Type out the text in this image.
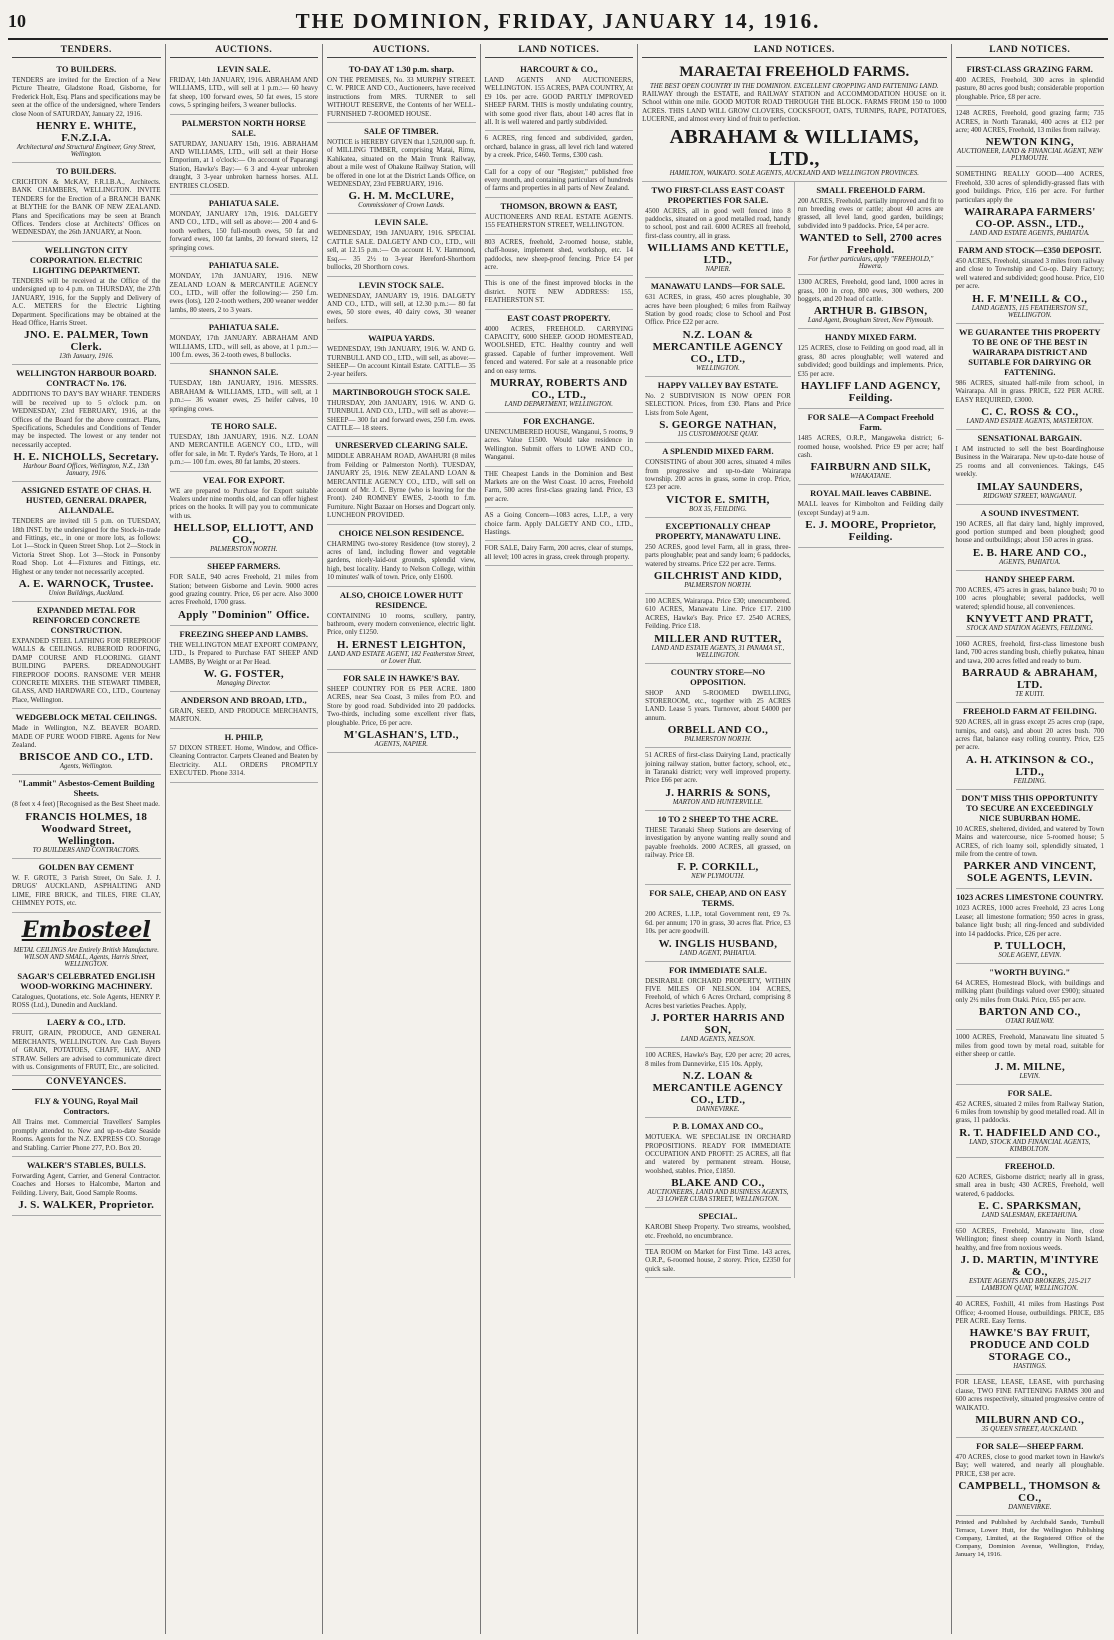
10	THE DOMINION, FRIDAY, JANUARY 14, 1916.
TENDERS.
TO BUILDERS.
TENDERS are invited for the Erection of a New Picture Theatre, Gladstone Road, Gisborne, for Frederick Holt, Esq. Plans and specifications may be seen at the office of the undersigned, where Tenders close Noon of SATURDAY, January 22, 1916.
HENRY E. WHITE, F.N.Z.I.A.
Architectural and Structural Engineer, Grey Street, Wellington.
TO BUILDERS.
CRICHTON & McKAY, F.R.I.B.A., Architects. BANK CHAMBERS, WELLINGTON. INVITE TENDERS for the Erection of a BRANCH BANK at BLYTHE for the BANK OF NEW ZEALAND. Plans and Specifications may be seen at Branch Offices. Tenders close at Architects' Offices on WEDNESDAY, the 26th JANUARY, at Noon.
WELLINGTON CITY CORPORATION. ELECTRIC LIGHTING DEPARTMENT.
TENDERS will be received at the Office of the undersigned up to 4 p.m. on THURSDAY, the 27th JANUARY, 1916, for the Supply and Delivery of A.C. METERS for the Electric Lighting Department. Specifications may be obtained at the Head Office, Harris Street.
JNO. E. PALMER, Town Clerk.
13th January, 1916.
WELLINGTON HARBOUR BOARD. CONTRACT No. 176.
ADDITIONS TO DAY'S BAY WHARF. TENDERS will be received up to 5 o'clock p.m. on WEDNESDAY, 23rd FEBRUARY, 1916, at the Offices of the Board for the above contract. Plans, Specifications, Schedules and Conditions of Tender may be inspected. The lowest or any tender not necessarily accepted.
H. E. NICHOLLS, Secretary.
Harbour Board Offices, Wellington, N.Z., 13th January, 1916.
ASSIGNED ESTATE OF CHAS. H. HUSTED, GENERAL DRAPER, ALLANDALE.
TENDERS are invited till 5 p.m. on TUESDAY, 18th INST. by the undersigned for the Stock-in-trade and Fittings, etc., in one or more lots, as follows: Lot 1—Stock in Queen Street Shop. Lot 2—Stock in Victoria Street Shop. Lot 3—Stock in Ponsonby Road Shop. Lot 4—Fixtures and Fittings, etc. Highest or any tender not necessarily accepted.
A. E. WARNOCK, Trustee.
Union Buildings, Auckland.
EXPANDED METAL FOR REINFORCED CONCRETE CONSTRUCTION.
EXPANDED STEEL LATHING FOR FIREPROOF WALLS & CEILINGS. RUBEROID ROOFING, DAMP COURSE AND FLOORING. GIANT BUILDING PAPERS. DREADNOUGHT FIREPROOF DOORS. RANSOME VER MEHR CONCRETE MIXERS. THE STEWART TIMBER, GLASS, AND HARDWARE CO., LTD., Courtenay Place, Wellington.
WEDGEBLOCK METAL CEILINGS.
Made in Wellington, N.Z. BEAVER BOARD. MADE OF PURE WOOD FIBRE. Agents for New Zealand.
BRISCOE AND CO., LTD.
Agents, Wellington.
"Lammit" Asbestos-Cement Building Sheets.
(8 feet x 4 feet) [Recognised as the Best Sheet made.
FRANCIS HOLMES, 18 Woodward Street, Wellington.
TO BUILDERS AND CONTRACTORS.
GOLDEN BAY CEMENT
W. F. GROTE, 3 Parish Street, On Sale. J. J. DRUGS' AUCKLAND, ASPHALTING AND LIME, FIRE BRICK, and TILES, FIRE CLAY, CHIMNEY POTS, etc.
Embosteel
METAL CEILINGS Are Entirely British Manufacture. WILSON AND SMALL, Agents, Harris Street, WELLINGTON.
SAGAR'S CELEBRATED ENGLISH WOOD-WORKING MACHINERY.
Catalogues, Quotations, etc. Sole Agents, HENRY P. ROSS (Ltd.), Dunedin and Auckland.
LAERY & CO., LTD.
FRUIT, GRAIN, PRODUCE, AND GENERAL MERCHANTS, WELLINGTON. Are Cash Buyers of GRAIN, POTATOES, CHAFF, HAY, AND STRAW. Sellers are advised to communicate direct with us. Consignments of FRUIT, Etc., are solicited.
CONVEYANCES.
FLY & YOUNG, Royal Mail Contractors.
All Trains met. Commercial Travellers' Samples promptly attended to. New and up-to-date Seaside Rooms. Agents for the N.Z. EXPRESS CO. Storage and Stabling. Carrier Phone 277, P.O. Box 20.
WALKER'S STABLES, BULLS.
Forwarding Agent, Carrier, and General Contractor. Coaches and Horses to Halcombe, Marton and Feilding. Livery, Bait, Good Sample Rooms.
J. S. WALKER, Proprietor.
AUCTIONS.
LEVIN SALE.
FRIDAY, 14th JANUARY, 1916. ABRAHAM AND WILLIAMS, LTD., will sell at 1 p.m.:— 60 heavy fat sheep, 100 forward ewes, 50 fat ewes, 15 store cows, 5 springing heifers, 3 weaner bullocks.
PALMERSTON NORTH HORSE SALE.
SATURDAY, JANUARY 15th, 1916. ABRAHAM AND WILLIAMS, LTD., will sell at their Horse Emporium, at 1 o'clock:— On account of Paparangi Station, Hawke's Bay:— 6 3 and 4-year unbroken draught, 3 3-year unbroken harness horses. ALL ENTRIES CLOSED.
PAHIATUA SALE.
MONDAY, JANUARY 17th, 1916. DALGETY AND CO., LTD., will sell as above:— 200 4 and 6-tooth wethers, 150 full-mouth ewes, 50 fat and forward ewes, 100 fat lambs, 20 forward steers, 12 springing cows.
PAHIATUA SALE.
MONDAY, 17th JANUARY, 1916. NEW ZEALAND LOAN & MERCANTILE AGENCY CO., LTD., will offer the following:— 250 f.m. ewes (lots), 120 2-tooth wethers, 200 weaner wedder lambs, 80 steers, 2 to 3 years.
PAHIATUA SALE.
MONDAY, 17th JANUARY. ABRAHAM AND WILLIAMS, LTD., will sell, as above, at 1 p.m.:— 100 f.m. ewes, 36 2-tooth ewes, 8 bullocks.
SHANNON SALE.
TUESDAY, 18th JANUARY, 1916. MESSRS. ABRAHAM & WILLIAMS, LTD., will sell, at 1 p.m.:— 36 weaner ewes, 25 heifer calves, 10 springing cows.
TE HORO SALE.
TUESDAY, 18th JANUARY, 1916. N.Z. LOAN AND MERCANTILE AGENCY CO., LTD., will offer for sale, in Mr. T. Ryder's Yards, Te Horo, at 1 p.m.:— 100 f.m. ewes, 80 fat lambs, 20 steers.
VEAL FOR EXPORT.
WE are prepared to Purchase for Export suitable Vealers under nine months old, and can offer highest prices on the hooks. It will pay you to communicate with us.
HELLSOP, ELLIOTT, AND CO.,
PALMERSTON NORTH.
SHEEP FARMERS.
FOR SALE, 940 acres Freehold, 21 miles from Station; between Gisborne and Levin. 9000 acres good grazing country. Price, £6 per acre. Also 3000 acres Freehold, 1700 grass.
Apply "Dominion" Office.
FREEZING SHEEP AND LAMBS.
THE WELLINGTON MEAT EXPORT COMPANY, LTD., Is Prepared to Purchase FAT SHEEP AND LAMBS, By Weight or at Per Head.
W. G. FOSTER,
Managing Director.
ANDERSON AND BROAD, LTD.,
GRAIN, SEED, AND PRODUCE MERCHANTS, MARTON.
H. PHILP,
57 DIXON STREET. Home, Window, and Office-Cleaning Contractor. Carpets Cleaned and Beaten by Electricity. ALL ORDERS PROMPTLY EXECUTED. Phone 3314.
AUCTIONS.
TO-DAY AT 1.30 p.m. sharp.
ON THE PREMISES, No. 33 MURPHY STREET. C. W. PRICE AND CO., Auctioneers, have received instructions from MRS. TURNER to sell WITHOUT RESERVE, the Contents of her WELL-FURNISHED 7-ROOMED HOUSE.
SALE OF TIMBER.
NOTICE is HEREBY GIVEN that 1,520,000 sup. ft. of MILLING TIMBER, comprising Matai, Rimu, Kahikatea, situated on the Main Trunk Railway, about a mile west of Ohakune Railway Station, will be offered in one lot at the District Lands Office, on WEDNESDAY, 23rd FEBRUARY, 1916.
G. H. M. McCLURE,
Commissioner of Crown Lands.
LEVIN SALE.
WEDNESDAY, 19th JANUARY, 1916. SPECIAL CATTLE SALE. DALGETY AND CO., LTD., will sell, at 12.15 p.m.:— On account H. V. Hammond, Esq.— 35 2½ to 3-year Hereford-Shorthorn bullocks, 20 Shorthorn cows.
LEVIN STOCK SALE.
WEDNESDAY, JANUARY 19, 1916. DALGETY AND CO., LTD., will sell, at 12.30 p.m.:— 80 fat ewes, 50 store ewes, 40 dairy cows, 30 weaner heifers.
WAIPUA YARDS.
WEDNESDAY, 19th JANUARY, 1916. W. AND G. TURNBULL AND CO., LTD., will sell, as above:— SHEEP— On account Kintail Estate. CATTLE— 35 2-year heifers.
MARTINBOROUGH STOCK SALE.
THURSDAY, 20th JANUARY, 1916. W. AND G. TURNBULL AND CO., LTD., will sell as above:— SHEEP— 300 fat and forward ewes, 250 f.m. ewes. CATTLE— 18 steers.
UNRESERVED CLEARING SALE.
MIDDLE ABRAHAM ROAD, AWAHURI (8 miles from Feilding or Palmerston North). TUESDAY, JANUARY 25, 1916. NEW ZEALAND LOAN & MERCANTILE AGENCY CO., LTD., will sell on account of Mr. J. C. Byrne (who is leaving for the Front). 240 ROMNEY EWES, 2-tooth to f.m. Furniture. Night Bazaar on Horses and Dogcart only. LUNCHEON PROVIDED.
CHOICE NELSON RESIDENCE.
CHARMING two-storey Residence (tow storey), 2 acres of land, including flower and vegetable gardens, nicely-laid-out grounds, splendid view, high, best locality. Handy to Nelson College, within 10 minutes' walk of town. Price, only £1600.
ALSO, CHOICE LOWER HUTT RESIDENCE.
CONTAINING 10 rooms, scullery, pantry, bathroom, every modern convenience, electric light. Price, only £1250.
H. ERNEST LEIGHTON,
LAND AND ESTATE AGENT, 182 Featherston Street, or Lower Hutt.
FOR SALE IN HAWKE'S BAY.
SHEEP COUNTRY FOR £6 PER ACRE. 1800 ACRES, near Sea Coast, 3 miles from P.O. and Store by good road. Subdivided into 20 paddocks. Two-thirds, including some excellent river flats, ploughable. Price, £6 per acre.
M'GLASHAN'S, LTD.,
AGENTS, NAPIER.
LAND NOTICES.
HARCOURT & CO.,
LAND AGENTS AND AUCTIONEERS, WELLINGTON. 155 ACRES, PAPA COUNTRY, At £9 10s. per acre. GOOD PARTLY IMPROVED SHEEP FARM. THIS is mostly undulating country, with some good river flats, about 140 acres flat in all. It is well watered and partly subdivided.
6 ACRES, ring fenced and subdivided, garden, orchard, balance in grass, all level rich land watered by a creek. Price, £460. Terms, £300 cash.
Call for a copy of our "Register," published free every month, and containing particulars of hundreds of farms and properties in all parts of New Zealand.
THOMSON, BROWN & EAST,
AUCTIONEERS AND REAL ESTATE AGENTS. 155 FEATHERSTON STREET, WELLINGTON.
803 ACRES, freehold, 2-roomed house, stable, chaff-house, implement shed, workshop, etc. 14 paddocks, new sheep-proof fencing. Price £4 per acre.
This is one of the finest improved blocks in the district. NOTE NEW ADDRESS: 155, FEATHERSTON ST.
EAST COAST PROPERTY.
4000 ACRES, FREEHOLD. CARRYING CAPACITY, 6000 SHEEP. GOOD HOMESTEAD, WOOLSHED, ETC. Healthy country and well grassed. Capable of further improvement. Well fenced and watered. For sale at a reasonable price and on easy terms.
MURRAY, ROBERTS AND CO., LTD.,
LAND DEPARTMENT, WELLINGTON.
FOR EXCHANGE.
UNENCUMBERED HOUSE, Wanganui, 5 rooms, 9 acres. Value £1500. Would take residence in Wellington. Submit offers to LOWE AND CO., Wanganui.
THE Cheapest Lands in the Dominion and Best Markets are on the West Coast. 10 acres, Freehold Farm, 500 acres first-class grazing land. Price, £3 per acre.
AS a Going Concern—1083 acres, L.I.P., a very choice farm. Apply DALGETY AND CO., LTD., Hastings.
FOR SALE, Dairy Farm, 200 acres, clear of stumps, all level; 100 acres in grass, creek through property.
LAND NOTICES.
MARAETAI FREEHOLD FARMS.
THE BEST OPEN COUNTRY IN THE DOMINION. EXCELLENT CROPPING AND FATTENING LAND.
RAILWAY through the ESTATE, and RAILWAY STATION and ACCOMMODATION HOUSE on it. School within one mile. GOOD MOTOR ROAD THROUGH THE BLOCK. FARMS FROM 150 to 1000 ACRES. THIS LAND WILL GROW CLOVERS, COCKSFOOT, OATS, TURNIPS, RAPE, POTATOES, LUCERNE, and almost every kind of fruit to perfection.
ABRAHAM & WILLIAMS, LTD.,
HAMILTON, WAIKATO. SOLE AGENTS, AUCKLAND AND WELLINGTON PROVINCES.
TWO FIRST-CLASS EAST COAST PROPERTIES FOR SALE.
4500 ACRES, all in good well fenced into 8 paddocks, situated on a good metalled road, handy to school, post and rail. 6000 ACRES all freehold, first-class country, all in grass.
WILLIAMS AND KETTLE, LTD.,
NAPIER.
MANAWATU LANDS—FOR SALE.
631 ACRES, in grass, 450 acres ploughable, 30 acres have been ploughed; 6 miles from Railway Station by good roads; close to School and Post Office. Price £22 per acre.
N.Z. LOAN & MERCANTILE AGENCY CO., LTD.,
WELLINGTON.
HAPPY VALLEY BAY ESTATE.
No. 2 SUBDIVISION IS NOW OPEN FOR SELECTION. Prices, from £30. Plans and Price Lists from Sole Agent,
S. GEORGE NATHAN,
115 CUSTOMHOUSE QUAY.
A SPLENDID MIXED FARM.
CONSISTING of about 300 acres, situated 4 miles from progressive and up-to-date Wairarapa township. 200 acres in grass, some in crop. Price, £23 per acre.
VICTOR E. SMITH,
BOX 35, FEILDING.
EXCEPTIONALLY CHEAP PROPERTY, MANAWATU LINE.
250 ACRES, good level Farm, all in grass, three-parts ploughable; peat and sandy loam; 6 paddocks, watered by streams. Price £22 per acre. Terms.
GILCHRIST AND KIDD,
PALMERSTON NORTH.
100 ACRES, Wairarapa. Price £30; unencumbered. 610 ACRES, Manawatu Line. Price £17. 2100 ACRES, Hawke's Bay. Price £7. 2540 ACRES, Feilding. Price £18.
MILLER AND RUTTER,
LAND AND ESTATE AGENTS, 31 PANAMA ST., WELLINGTON.
COUNTRY STORE—NO OPPOSITION.
SHOP AND 5-ROOMED DWELLING, STOREROOM, etc., together with 25 ACRES LAND. Lease 5 years. Turnover, about £4000 per annum.
ORBELL AND CO.,
PALMERSTON NORTH.
51 ACRES of first-class Dairying Land, practically joining railway station, butter factory, school, etc., in Taranaki district; very well improved property. Price £66 per acre.
J. HARRIS & SONS,
MARTON AND HUNTERVILLE.
10 TO 2 SHEEP TO THE ACRE.
THESE Taranaki Sheep Stations are deserving of investigation by anyone wanting really sound and payable freeholds. 2000 ACRES, all grassed, on railway. Price £8.
F. P. CORKILL,
NEW PLYMOUTH.
FOR SALE, CHEAP, AND ON EASY TERMS.
200 ACRES, L.I.P., total Government rent, £9 7s. 6d. per annum; 170 in grass, 30 acres flat. Price, £3 10s. per acre goodwill.
W. INGLIS HUSBAND,
LAND AGENT, PAHIATUA.
FOR IMMEDIATE SALE.
DESIRABLE ORCHARD PROPERTY, WITHIN FIVE MILES OF NELSON. 104 ACRES, Freehold, of which 6 Acres Orchard, comprising 8 Acres best varieties Peaches. Apply,
J. PORTER HARRIS AND SON,
LAND AGENTS, NELSON.
100 ACRES, Hawke's Bay, £20 per acre; 20 acres, 8 miles from Dannevirke, £15 10s. Apply,
N.Z. LOAN & MERCANTILE AGENCY CO., LTD.,
DANNEVIRKE.
P. B. LOMAX AND CO.,
MOTUEKA. WE SPECIALISE IN ORCHARD PROPOSITIONS. READY FOR IMMEDIATE OCCUPATION AND PROFIT: 25 ACRES, all flat and watered by permanent stream. House, woolshed, stables. Price, £1850.
BLAKE AND CO.,
AUCTIONEERS, LAND AND BUSINESS AGENTS, 23 LOWER CUBA STREET, WELLINGTON.
SPECIAL.
KAROBI Sheep Property. Two streams, woolshed, etc. Freehold, no encumbrance.
TEA ROOM on Market for First Time. 143 acres, O.R.P., 6-roomed house, 2 storey. Price, £2350 for quick sale.
SMALL FREEHOLD FARM.
200 ACRES, Freehold, partially improved and fit to run breeding ewes or cattle; about 40 acres are grassed, all level land, good garden, buildings; subdivided into 9 paddocks. Price, £4 per acre.
WANTED to Sell, 2700 acres Freehold.
For further particulars, apply "FREEHOLD," Hawera.
1300 ACRES, Freehold, good land, 1000 acres in grass, 100 in crop, 800 ewes, 300 wethers, 200 hoggets, and 20 head of cattle.
ARTHUR B. GIBSON,
Land Agent, Brougham Street, New Plymouth.
HANDY MIXED FARM.
125 ACRES, close to Feilding on good road, all in grass, 80 acres ploughable; well watered and subdivided; good buildings and implements. Price, £35 per acre.
HAYLIFF LAND AGENCY, Feilding.
FOR SALE—A Compact Freehold Farm.
1485 ACRES, O.R.P., Mangaweka district; 6-roomed house, woolshed. Price £9 per acre; half cash.
FAIRBURN AND SILK,
WHAKATANE.
ROYAL MAIL leaves CABBINE.
MALL leaves for Kimbolton and Feilding daily (except Sunday) at 9 a.m.
E. J. MOORE, Proprietor, Feilding.
LAND NOTICES.
FIRST-CLASS GRAZING FARM.
400 ACRES, Freehold, 300 acres in splendid pasture, 80 acres good bush; considerable proportion ploughable. Price, £8 per acre.
1248 ACRES, Freehold, good grazing farm; 735 ACRES, in North Taranaki, 400 acres at £12 per acre; 400 ACRES, Freehold, 13 miles from railway.
NEWTON KING,
AUCTIONEER, LAND & FINANCIAL AGENT, NEW PLYMOUTH.
SOMETHING REALLY GOOD—400 ACRES, Freehold, 330 acres of splendidly-grassed flats with good buildings. Price, £16 per acre. For further particulars apply the
WAIRARAPA FARMERS' CO-OP. ASSN., LTD.,
LAND AND ESTATE AGENTS, PAHIATUA.
FARM AND STOCK—£350 DEPOSIT.
450 ACRES, Freehold, situated 3 miles from railway and close to Township and Co-op. Dairy Factory; well watered and subdivided; good house. Price, £10 per acre.
H. F. M'NEILL & CO.,
LAND AGENTS, 115 FEATHERSTON ST., WELLINGTON.
WE GUARANTEE THIS PROPERTY TO BE ONE OF THE BEST IN WAIRARAPA DISTRICT AND SUITABLE FOR DAIRYING OR FATTENING.
986 ACRES, situated half-mile from school, in Wairarapa. All in grass. PRICE, £22 PER ACRE. EASY REQUIRED, £3000.
C. C. ROSS & CO.,
LAND AND ESTATE AGENTS, MASTERTON.
SENSATIONAL BARGAIN.
I AM instructed to sell the best Boardinghouse Business in the Wairarapa. New up-to-date house of 25 rooms and all conveniences. Takings, £45 weekly.
IMLAY SAUNDERS,
RIDGWAY STREET, WANGANUI.
A SOUND INVESTMENT.
190 ACRES, all flat dairy land, highly improved, good portion stumped and been ploughed; good house and outbuildings; about 150 acres in grass.
E. B. HARE AND CO.,
AGENTS, PAHIATUA.
HANDY SHEEP FARM.
700 ACRES, 475 acres in grass, balance bush; 70 to 100 acres ploughable; several paddocks, well watered; splendid house, all conveniences.
KNYVETT AND PRATT,
STOCK AND STATION AGENTS, FEILDING.
1060 ACRES, freehold, first-class limestone bush land, 700 acres standing bush, chiefly pukatea, hinau and tawa, 200 acres felled and ready to burn.
BARRAUD & ABRAHAM, LTD.
TE KUITI.
FREEHOLD FARM AT FEILDING.
920 ACRES, all in grass except 25 acres crop (rape, turnips, and oats), and about 20 acres bush. 700 acres flat, balance easy rolling country. Price, £25 per acre.
A. H. ATKINSON & CO., LTD.,
FEILDING.
DON'T MISS THIS OPPORTUNITY TO SECURE AN EXCEEDINGLY NICE SUBURBAN HOME.
10 ACRES, sheltered, divided, and watered by Town Mains and watercourse, nice 5-roomed house; 5 ACRES, of rich loamy soil, splendidly situated, 1 mile from the centre of town.
PARKER AND VINCENT, SOLE AGENTS, LEVIN.
1023 ACRES LIMESTONE COUNTRY.
1023 ACRES, 1000 acres Freehold, 23 acres Long Lease; all limestone formation; 950 acres in grass, balance light bush; all ring-fenced and subdivided into 14 paddocks. Price, £26 per acre.
P. TULLOCH,
SOLE AGENT, LEVIN.
"WORTH BUYING."
64 ACRES, Homestead Block, with buildings and milking plant (buildings valued over £900); situated only 2½ miles from Otaki. Price, £65 per acre.
BARTON AND CO.,
OTAKI RAILWAY.
1000 ACRES, Freehold, Manawatu line situated 5 miles from good town by metal road, suitable for either sheep or cattle.
J. M. MILNE,
LEVIN.
FOR SALE.
452 ACRES, situated 2 miles from Railway Station, 6 miles from township by good metalled road. All in grass, 11 paddocks.
R. T. HADFIELD AND CO.,
LAND, STOCK AND FINANCIAL AGENTS, KIMBOLTON.
FREEHOLD.
620 ACRES, Gisborne district; nearly all in grass, small area in bush; 430 ACRES, Freehold, well watered, 6 paddocks.
E. C. SPARKSMAN,
LAND SALESMAN, EKETAHUNA.
650 ACRES, Freehold, Manawatu line, close Wellington; finest sheep country in North Island, healthy, and free from noxious weeds.
J. D. MARTIN, M'INTYRE & CO.,
ESTATE AGENTS AND BROKERS, 215-217 LAMBTON QUAY, WELLINGTON.
40 ACRES, Foxhill, 41 miles from Hastings Post Office; 4-roomed House, outbuildings. PRICE, £85 PER ACRE. Easy Terms.
HAWKE'S BAY FRUIT, PRODUCE AND COLD STORAGE CO.,
HASTINGS.
FOR LEASE, LEASE, LEASE, with purchasing clause, TWO FINE FATTENING FARMS 300 and 600 acres respectively, situated progressive centre of WAIKATO.
MILBURN AND CO.,
35 QUEEN STREET, AUCKLAND.
FOR SALE—SHEEP FARM.
470 ACRES, close to good market town in Hawke's Bay; well watered, and nearly all ploughable. PRICE, £38 per acre.
CAMPBELL, THOMSON & CO.,
DANNEVIRKE.
Printed and Published by Archibald Sando, Turnbull Terrace, Lower Hutt, for the Wellington Publishing Company, Limited, at the Registered Office of the Company, Dominion Avenue, Wellington, Friday, January 14, 1916.
